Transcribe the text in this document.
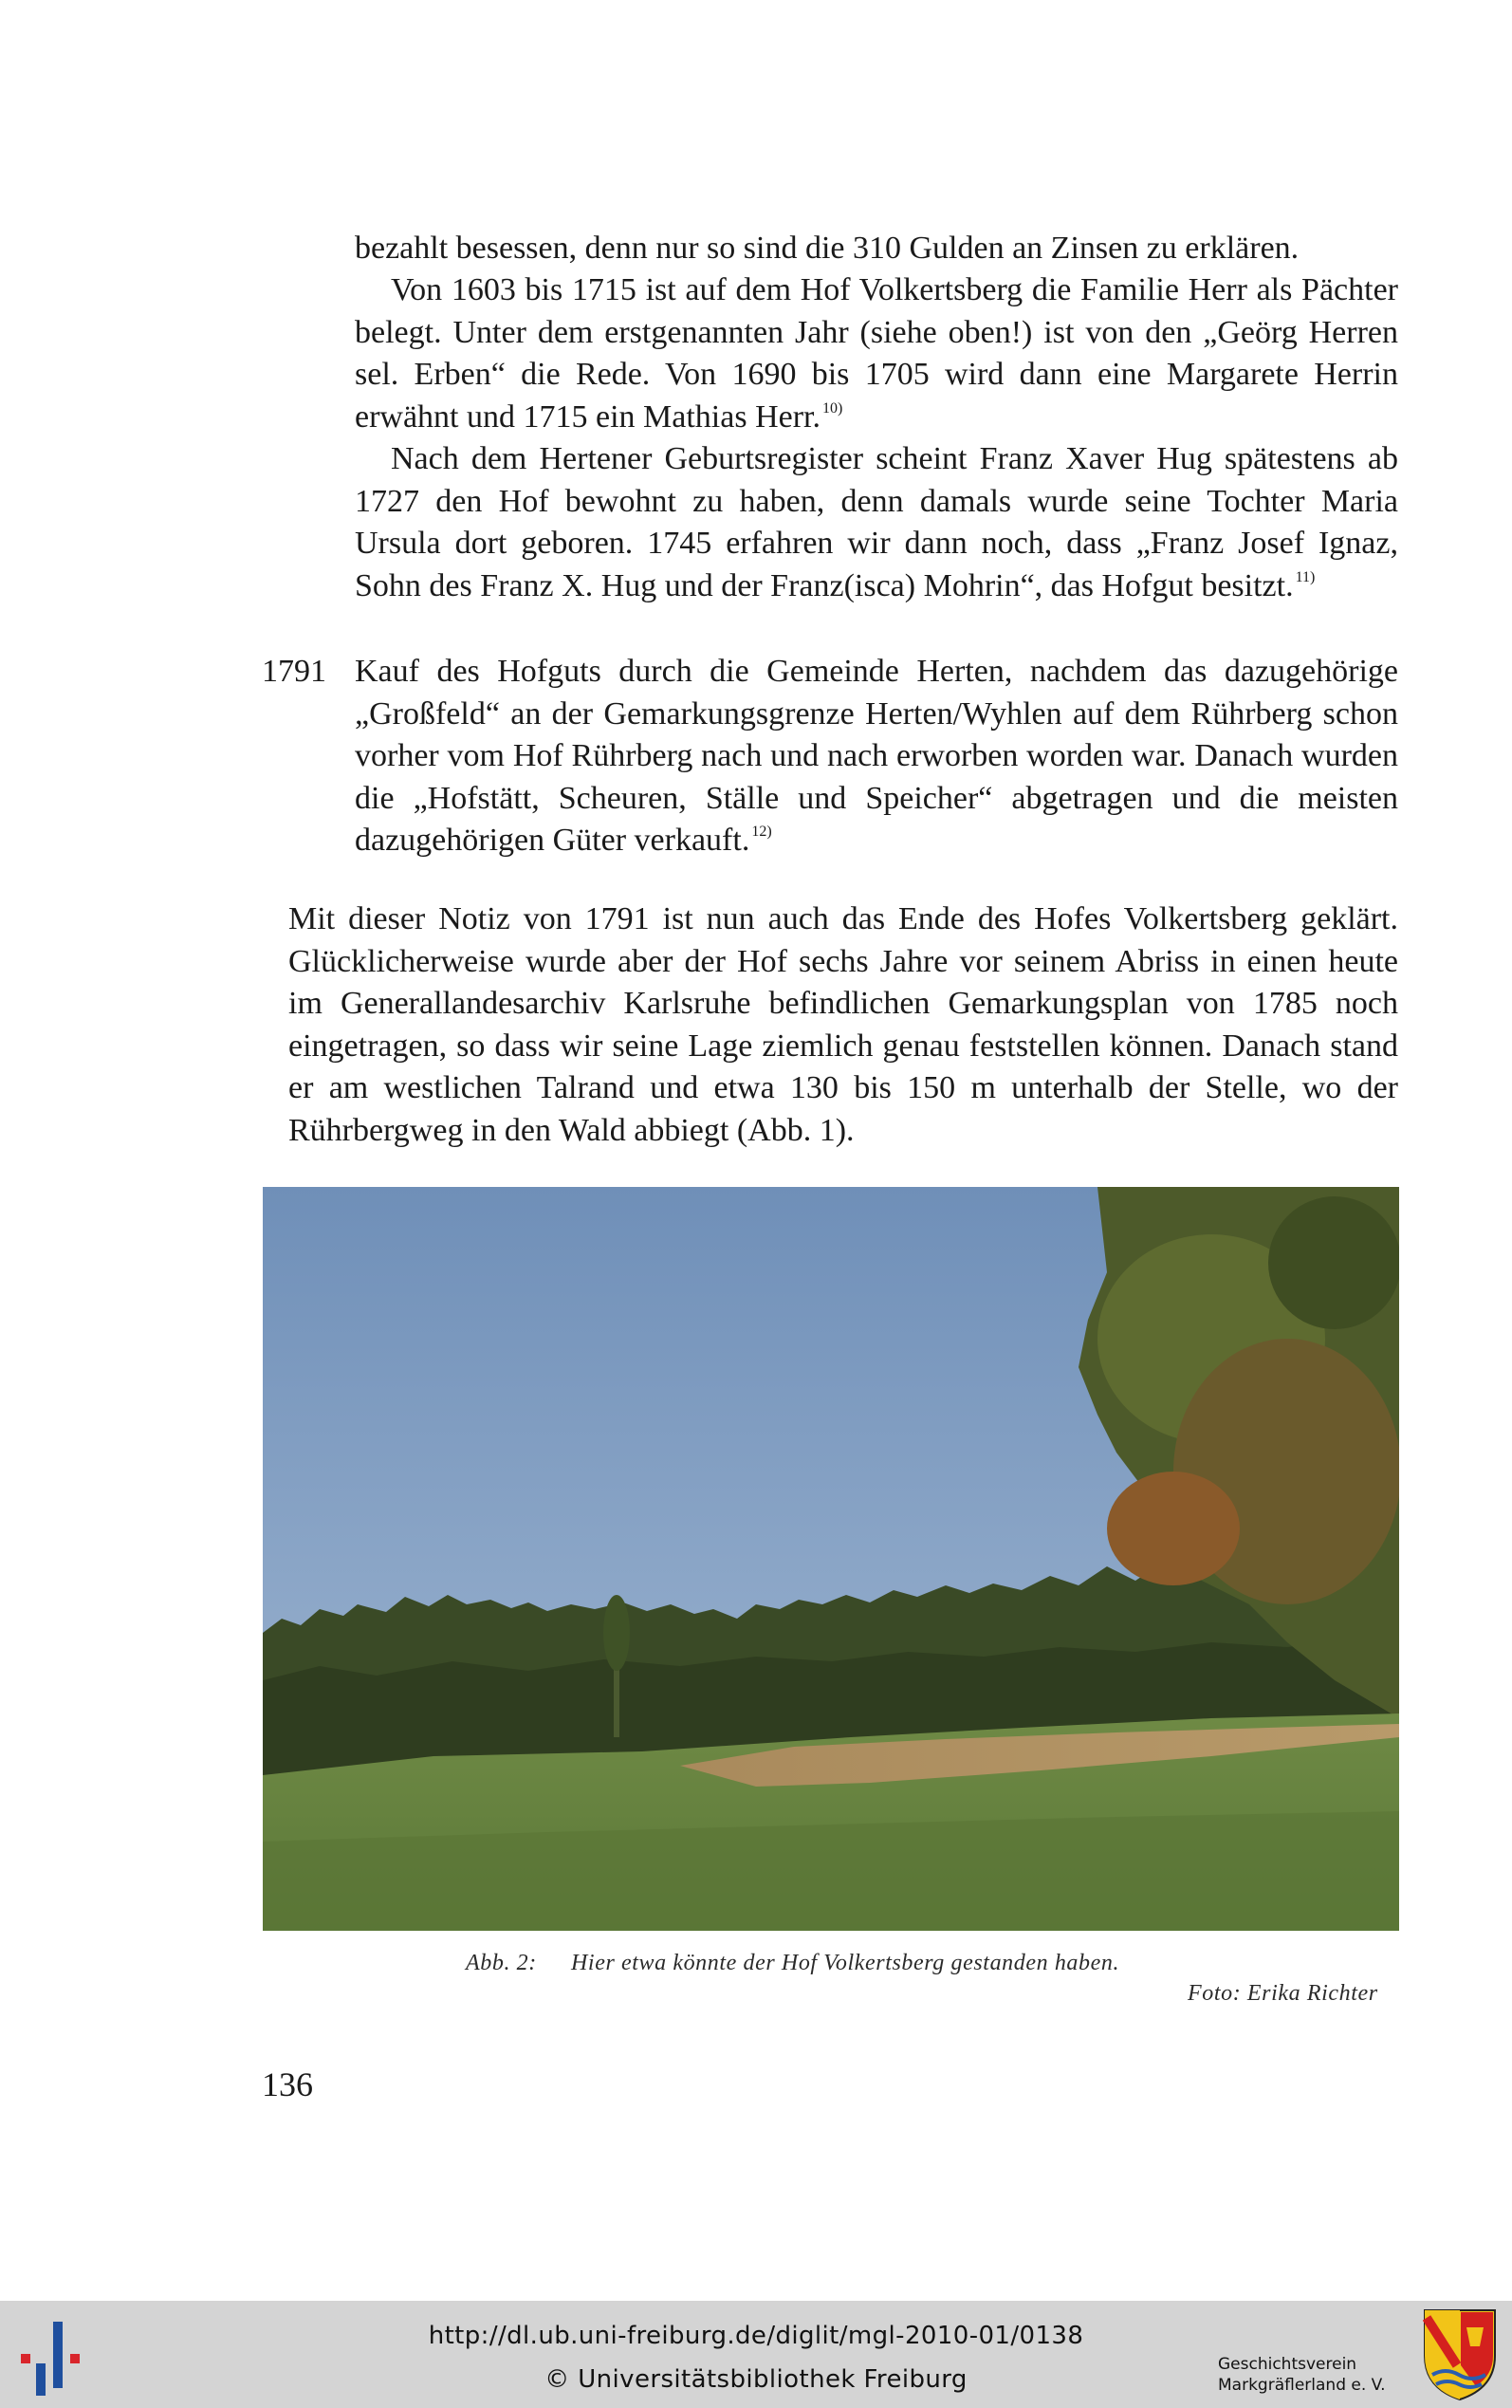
bezahlt besessen, denn nur so sind die 310 Gulden an Zinsen zu erklären.
Von 1603 bis 1715 ist auf dem Hof Volkertsberg die Familie Herr als Pächter belegt. Unter dem erstgenannten Jahr (siehe oben!) ist von den „Geörg Herren sel. Erben“ die Rede. Von 1690 bis 1705 wird dann eine Margarete Herrin erwähnt und 1715 ein Mathias Herr. $^{10)}$
Nach dem Hertener Geburtsregister scheint Franz Xaver Hug spätestens ab 1727 den Hof bewohnt zu haben, denn damals wurde seine Tochter Maria Ursula dort geboren. 1745 erfahren wir dann noch, dass „Franz Josef Ignaz, Sohn des Franz X. Hug und der Franz(isca) Mohrin“, das Hofgut besitzt. $^{11)}$
1791 Kauf des Hofguts durch die Gemeinde Herten, nachdem das dazugehörige „Großfeld“ an der Gemarkungsgrenze Herten/Wyhlen auf dem Rührberg schon vorher vom Hof Rührberg nach und nach erworben worden war. Danach wurden die „Hofstätt, Scheuren, Ställe und Speicher“ abgetragen und die meisten dazugehörigen Güter verkauft. $^{12)}$
Mit dieser Notiz von 1791 ist nun auch das Ende des Hofes Volkertsberg geklärt. Glücklicherweise wurde aber der Hof sechs Jahre vor seinem Abriss in einen heute im Generallandesarchiv Karlsruhe befindlichen Gemarkungsplan von 1785 noch eingetragen, so dass wir seine Lage ziemlich genau feststellen können. Danach stand er am westlichen Talrand und etwa 130 bis 150 m unterhalb der Stelle, wo der Rührbergweg in den Wald abbiegt (Abb. 1).
Abb. 2: Hier etwa könnte der Hof Volkertsberg gestanden haben.
Foto: Erika Richter
136
http://dl.ub.uni-freiburg.de/diglit/mgl-2010-01/0138
© Universitätsbibliothek Freiburg
Geschichtsverein
Markgräflerland e. V.
